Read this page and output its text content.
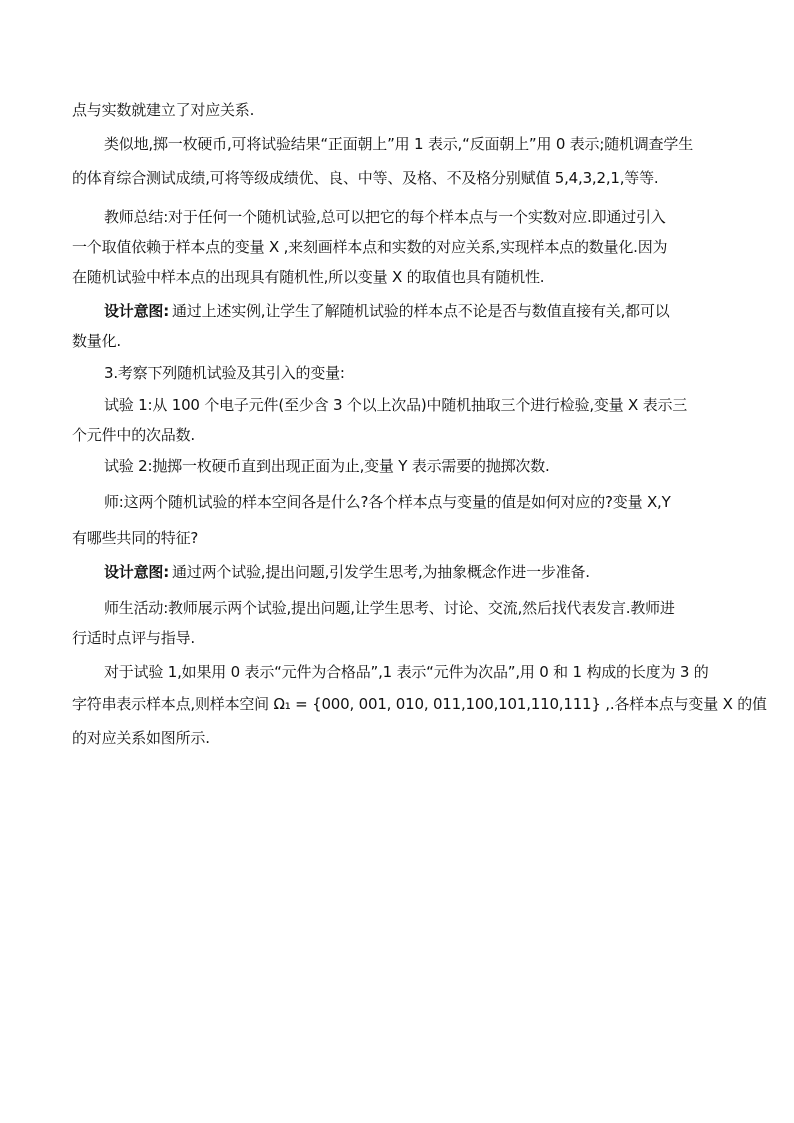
点与实数就建立了对应关系.
类似地,掷一枚硬币,可将试验结果“正面朝上”用 1 表示,“反面朝上”用 0 表示;随机调查学生
的体育综合测试成绩,可将等级成绩优、良、中等、及格、不及格分别赋值 5,4,3,2,1,等等.
教师总结:对于任何一个随机试验,总可以把它的每个样本点与一个实数对应.即通过引入
一个取值依赖于样本点的变量 X ,来刻画样本点和实数的对应关系,实现样本点的数量化.因为
在随机试验中样本点的出现具有随机性,所以变量 X 的取值也具有随机性.
设计意图: 通过上述实例,让学生了解随机试验的样本点不论是否与数值直接有关,都可以
数量化.
3.考察下列随机试验及其引入的变量:
试验 1:从 100 个电子元件(至少含 3 个以上次品)中随机抽取三个进行检验,变量 X 表示三
个元件中的次品数.
试验 2:抛掷一枚硬币直到出现正面为止,变量 Y 表示需要的抛掷次数.
师:这两个随机试验的样本空间各是什么?各个样本点与变量的值是如何对应的?变量 X,Y
有哪些共同的特征?
设计意图: 通过两个试验,提出问题,引发学生思考,为抽象概念作进一步准备.
师生活动:教师展示两个试验,提出问题,让学生思考、讨论、交流,然后找代表发言.教师进
行适时点评与指导.
对于试验 1,如果用 0 表示“元件为合格品”,1 表示“元件为次品”,用 0 和 1 构成的长度为 3 的
字符串表示样本点,则样本空间 Ω₁ = {000, 001, 010, 011,100,101,110,111} ,.各样本点与变量 X 的值
的对应关系如图所示.
